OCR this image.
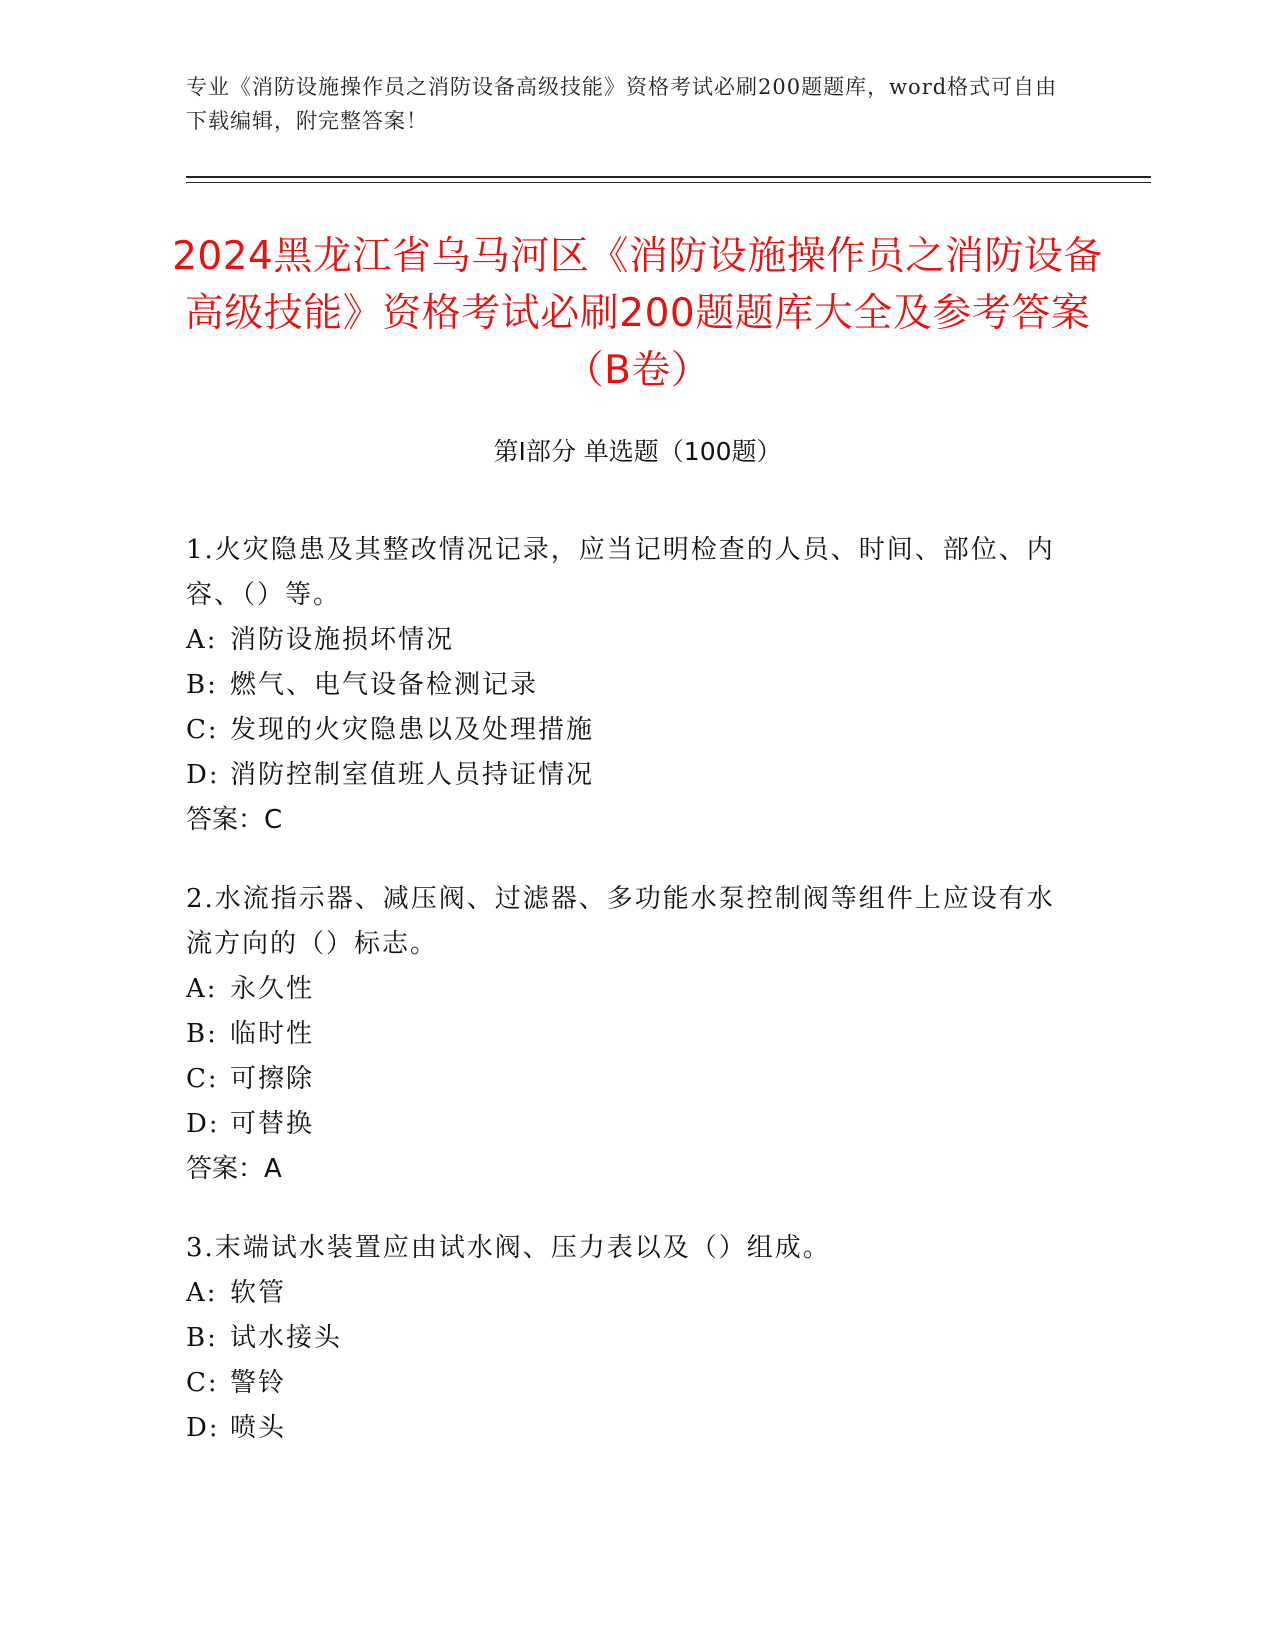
专业《消防设施操作员之消防设备高级技能》资格考试必刷200题题库，word格式可自由下载编辑，附完整答案！
2024黑龙江省乌马河区《消防设施操作员之消防设备高级技能》资格考试必刷200题题库大全及参考答案（B卷）
第Ⅰ部分 单选题（100题）

1.火灾隐患及其整改情况记录，应当记明检查的人员、时间、部位、内容、（）等。

A: 消防设施损坏情况

B: 燃气、电气设备检测记录

C: 发现的火灾隐患以及处理措施

D: 消防控制室值班人员持证情况

答案：C

2.水流指示器、减压阀、过滤器、多功能水泵控制阀等组件上应设有水流方向的（）标志。

A: 永久性

B: 临时性

C: 可擦除

D: 可替换

答案：A

3.末端试水装置应由试水阀、压力表以及（）组成。

A: 软管

B: 试水接头

C: 警铃

D: 喷头
